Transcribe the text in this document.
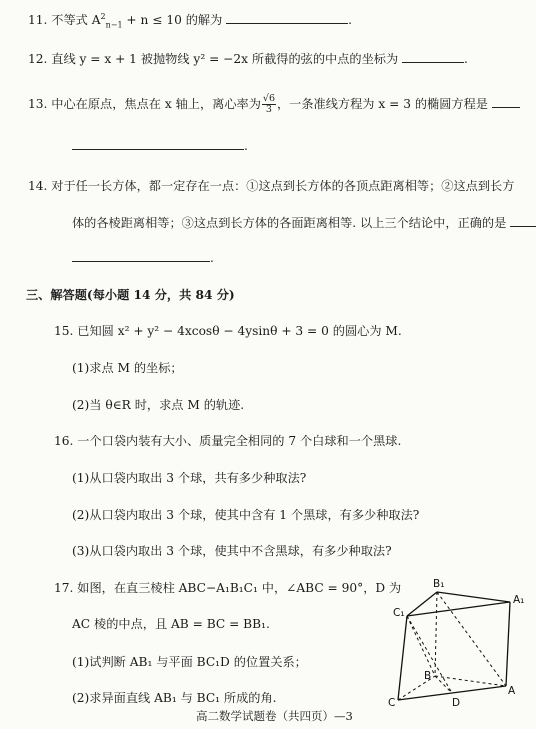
11. 不等式 $A^2_{n-1} + n \le 10$ 的解为	.
12. 直线 y = x + 1 被抛物线 y² = −2x 所截得的弦的中点的坐标为	.
13. 中心在原点，焦点在 x 轴上，离心率为 $\frac{√6}{3}$ ，一条准线方程为 x = 3 的椭圆方程是
.
14. 对于任一长方体，都一定存在一点：①这点到长方体的各顶点距离相等；②这点到长方
体的各棱距离相等；③这点到长方体的各面距离相等. 以上三个结论中，正确的是
.
三、解答题(每小题 14 分，共 84 分)
15. 已知圆 x² + y² − 4xcosθ − 4ysinθ + 3 = 0 的圆心为 M.
(1)求点 M 的坐标；
(2)当 θ∈R 时，求点 M 的轨迹.
16. 一个口袋内装有大小、质量完全相同的 7 个白球和一个黑球.
(1)从口袋内取出 3 个球，共有多少种取法?
(2)从口袋内取出 3 个球，使其中含有 1 个黑球，有多少种取法?
(3)从口袋内取出 3 个球，使其中不含黑球，有多少种取法?
17. 如图，在直三棱柱 ABC−A₁B₁C₁ 中，∠ABC = 90°，D 为
AC 棱的中点，且 AB = BC = BB₁.
(1)试判断 AB₁ 与平面 BC₁D 的位置关系；
(2)求异面直线 AB₁ 与 BC₁ 所成的角.
B₁
A₁
C₁
B
D
C
A
高二数学试题卷（共四页）—3
